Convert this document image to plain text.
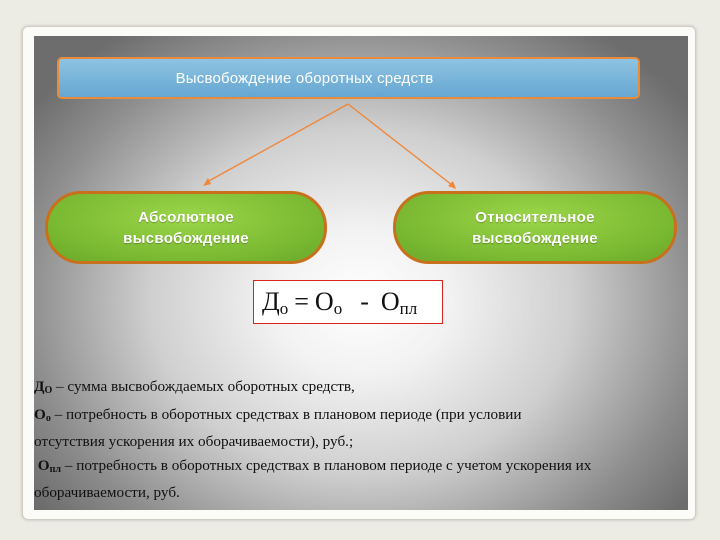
Высвобождение оборотных средств
Абсолютное
высвобождение
Относительное
высвобождение
Д о = О о - О пл
ДО – сумма высвобождаемых оборотных средств,
Оо – потребность в оборотных средствах в плановом периоде (при условии
отсутствия ускорения их оборачиваемости), руб.;
Опл – потребность в оборотных средствах в плановом периоде с учетом ускорения их
оборачиваемости, руб.
